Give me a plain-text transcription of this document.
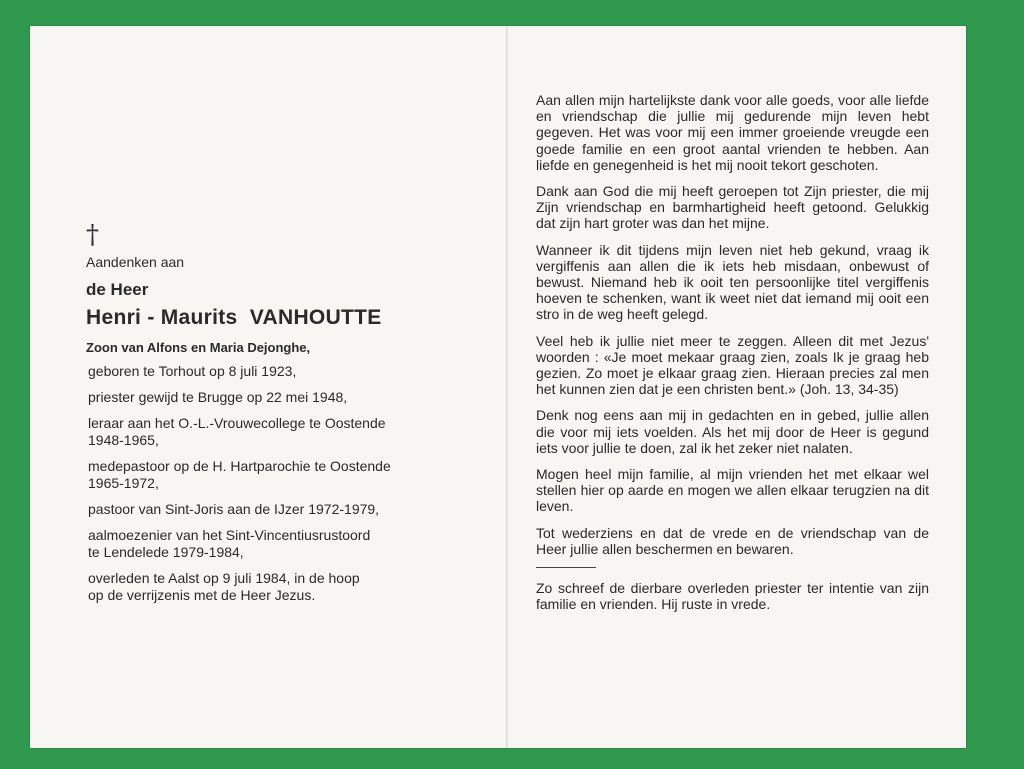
†
Aandenken aan
de Heer
Henri - Maurits  VANHOUTTE
Zoon van Alfons en Maria Dejonghe,

geboren te Torhout op 8 juli 1923,

priester gewijd te Brugge op 22 mei 1948,

leraar aan het O.-L.-Vrouwecollege te Oostende
1948-1965,

medepastoor op de H. Hartparochie te Oostende
1965-1972,

pastoor van Sint-Joris aan de IJzer 1972-1979,

aalmoezenier van het Sint-Vincentiusrustoord
te Lendelede 1979-1984,

overleden te Aalst op 9 juli 1984, in de hoop
op de verrijzenis met de Heer Jezus.

Aan allen mijn hartelijkste dank voor alle goeds, voor alle liefde en vriendschap die jullie mij gedurende mijn leven hebt gegeven. Het was voor mij een immer groeiende vreugde een goede familie en een groot aantal vrienden te hebben. Aan liefde en genegenheid is het mij nooit tekort geschoten.

Dank aan God die mij heeft geroepen tot Zijn priester, die mij Zijn vriendschap en barmhartigheid heeft getoond. Gelukkig dat zijn hart groter was dan het mijne.

Wanneer ik dit tijdens mijn leven niet heb gekund, vraag ik vergiffenis aan allen die ik iets heb misdaan, onbewust of bewust. Niemand heb ik ooit ten persoonlijke titel vergiffenis hoeven te schenken, want ik weet niet dat iemand mij ooit een stro in de weg heeft gelegd.

Veel heb ik jullie niet meer te zeggen. Alleen dit met Jezus' woorden : «Je moet mekaar graag zien, zoals Ik je graag heb gezien. Zo moet je elkaar graag zien. Hieraan precies zal men het kunnen zien dat je een christen bent.» (Joh. 13, 34-35)

Denk nog eens aan mij in gedachten en in gebed, jullie allen die voor mij iets voelden. Als het mij door de Heer is gegund iets voor jullie te doen, zal ik het zeker niet nalaten.

Mogen heel mijn familie, al mijn vrienden het met elkaar wel stellen hier op aarde en mogen we allen elkaar terugzien na dit leven.

Tot wederziens en dat de vrede en de vriendschap van de Heer jullie allen beschermen en bewaren.

Zo schreef de dierbare overleden priester ter intentie van zijn familie en vrienden. Hij ruste in vrede.
